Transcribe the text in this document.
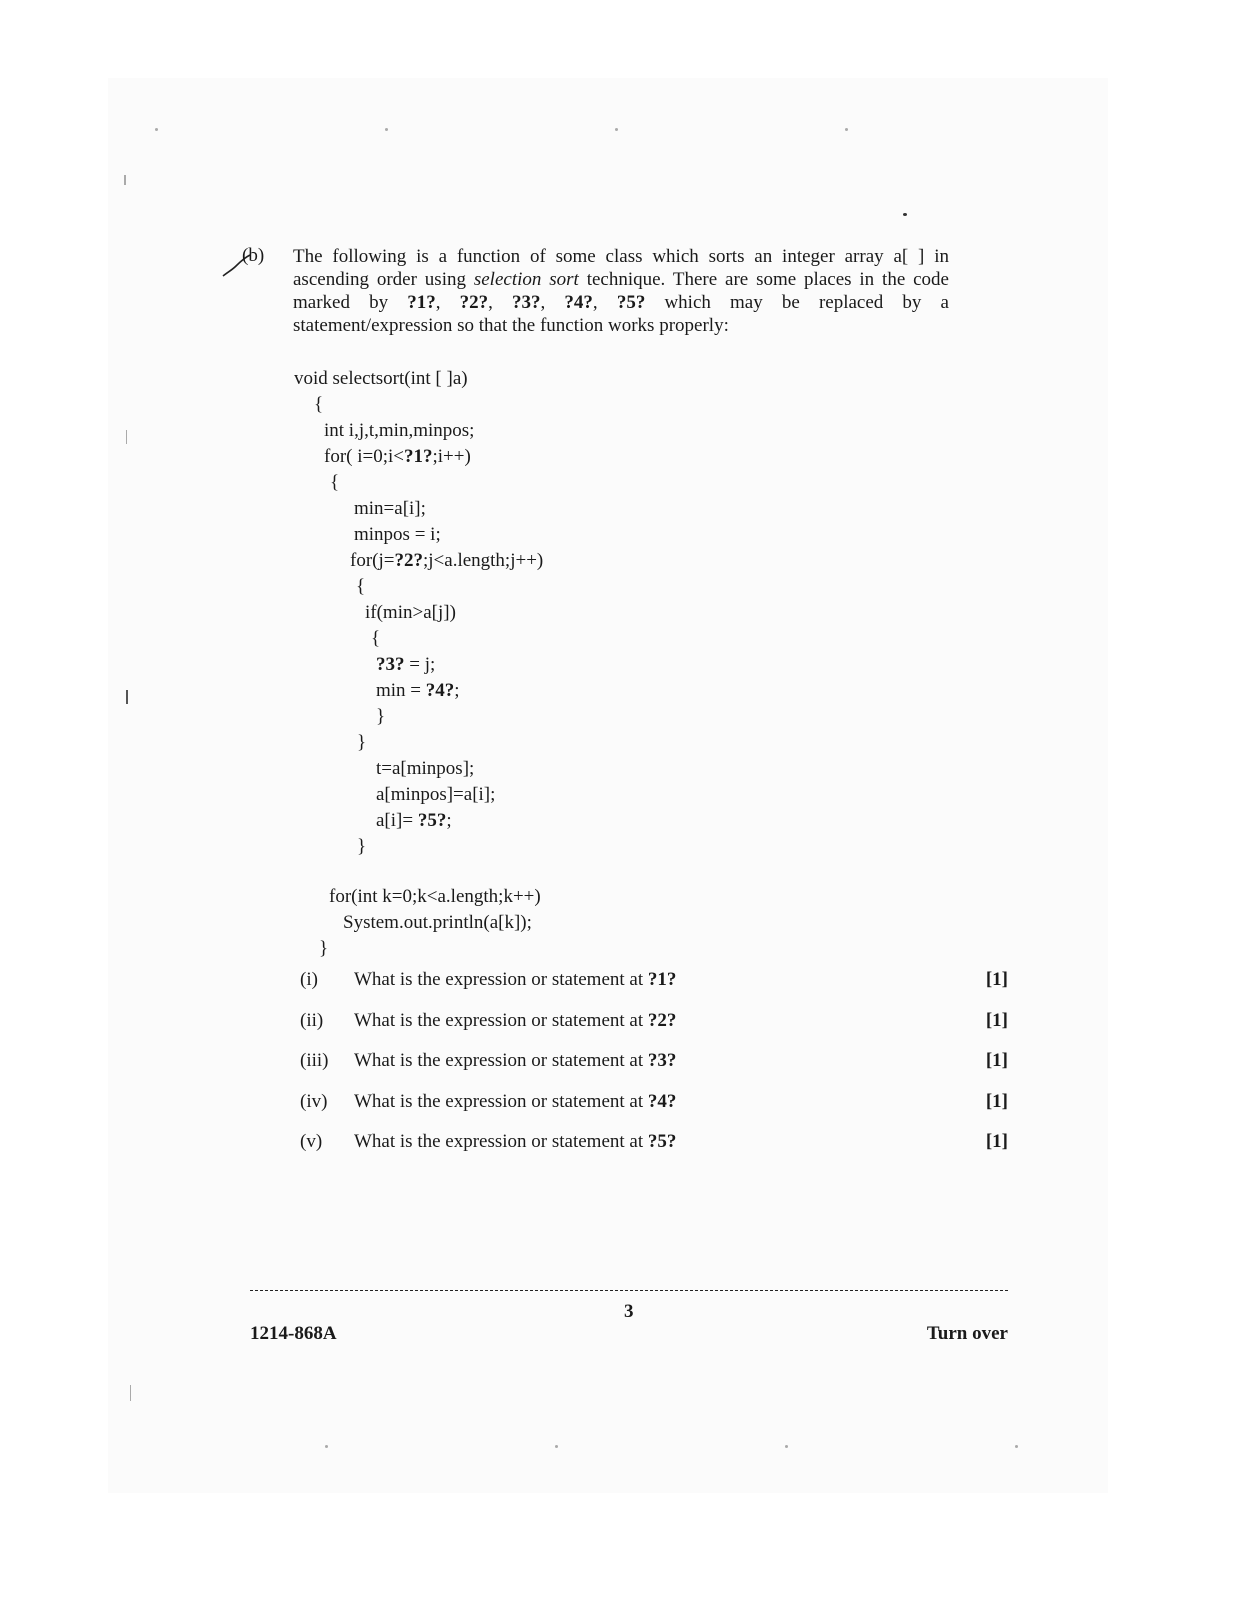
(b) The following is a function of some class which sorts an integer array a[ ] in
ascending order using selection sort technique. There are some places in the code
marked by ?1?, ?2?, ?3?, ?4?, ?5? which may be replaced by a
statement/expression so that the function works properly:
void selectsort(int [ ]a)
{
int i,j,t,min,minpos;
for( i=0;i<?1?;i++)
{
min=a[i];
minpos = i;
for(j=?2?;j<a.length;j++)
{
if(min>a[j])
{
?3? = j;
min = ?4?;
}
}
t=a[minpos];
a[minpos]=a[i];
a[i]= ?5?;
}
for(int k=0;k<a.length;k++)
System.out.println(a[k]);
}
(i) What is the expression or statement at ?1?	[1]
(ii) What is the expression or statement at ?2?	[1]
(iii) What is the expression or statement at ?3?	[1]
(iv) What is the expression or statement at ?4?	[1]
(v) What is the expression or statement at ?5?	[1]
3
1214-868A	Turn over
